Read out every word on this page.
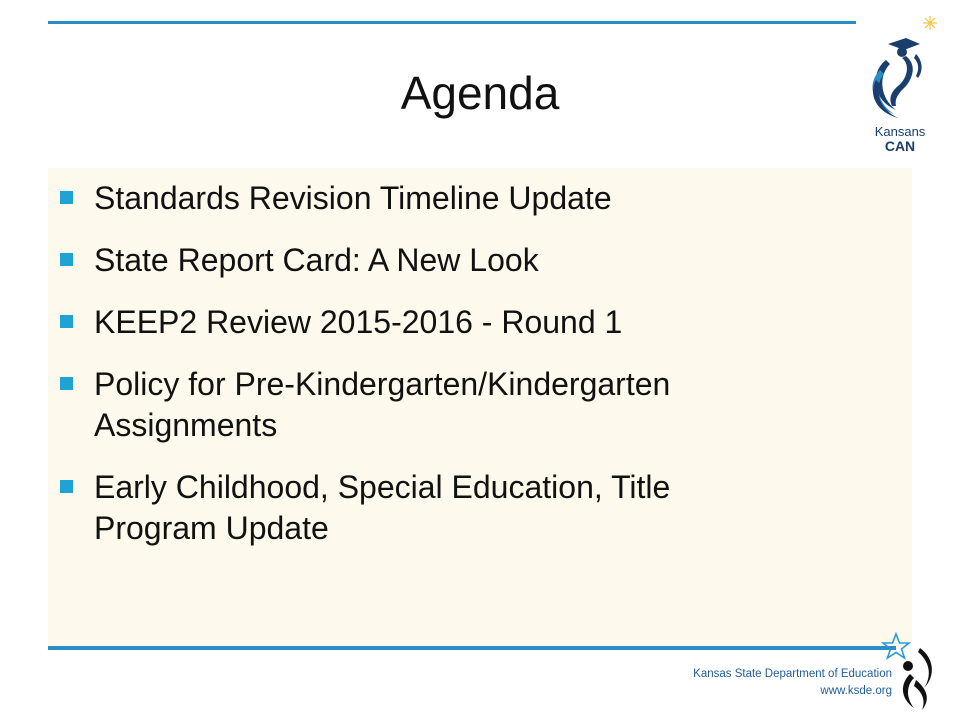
Agenda
Kansans
CAN
Standards Revision Timeline Update
State Report Card: A New Look
KEEP2 Review 2015-2016 - Round 1
Policy for Pre-Kindergarten/Kindergarten
Assignments
Early Childhood, Special Education, Title
Program Update
Kansas State Department of Education
www.ksde.org
